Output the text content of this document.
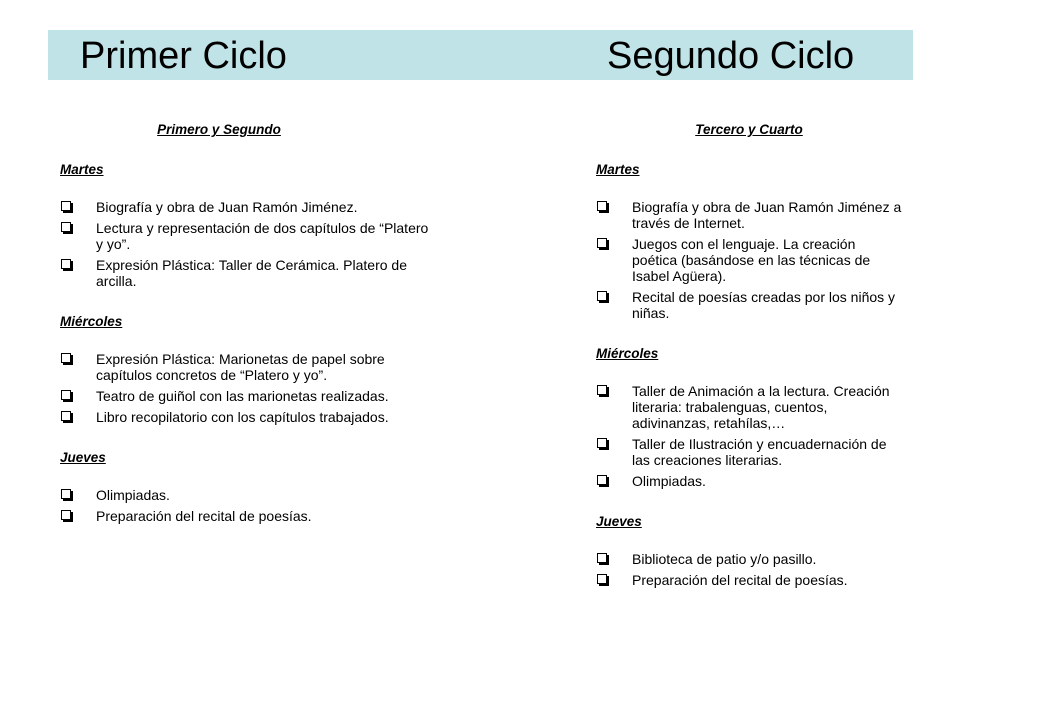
Primer Ciclo	Segundo Ciclo
Primero y Segundo
Martes
Biografía y obra de Juan Ramón Jiménez.
Lectura y representación de dos capítulos de “Platero y yo”.
Expresión Plástica: Taller de Cerámica. Platero de arcilla.
Miércoles
Expresión Plástica: Marionetas de papel sobre capítulos concretos de “Platero y yo”.
Teatro de guiñol con las marionetas realizadas.
Libro recopilatorio con los capítulos trabajados.
Jueves
Olimpiadas.
Preparación del recital de poesías.
Tercero y Cuarto
Martes
Biografía y obra de Juan Ramón Jiménez a través de Internet.
Juegos con el lenguaje. La creación poética (basándose en las técnicas de Isabel Agüera).
Recital de poesías creadas por los niños y niñas.
Miércoles
Taller de Animación a la lectura. Creación literaria: trabalenguas, cuentos, adivinanzas, retahílas,…
Taller de Ilustración y encuadernación de las creaciones literarias.
Olimpiadas.
Jueves
Biblioteca de patio y/o pasillo.
Preparación del recital de poesías.
